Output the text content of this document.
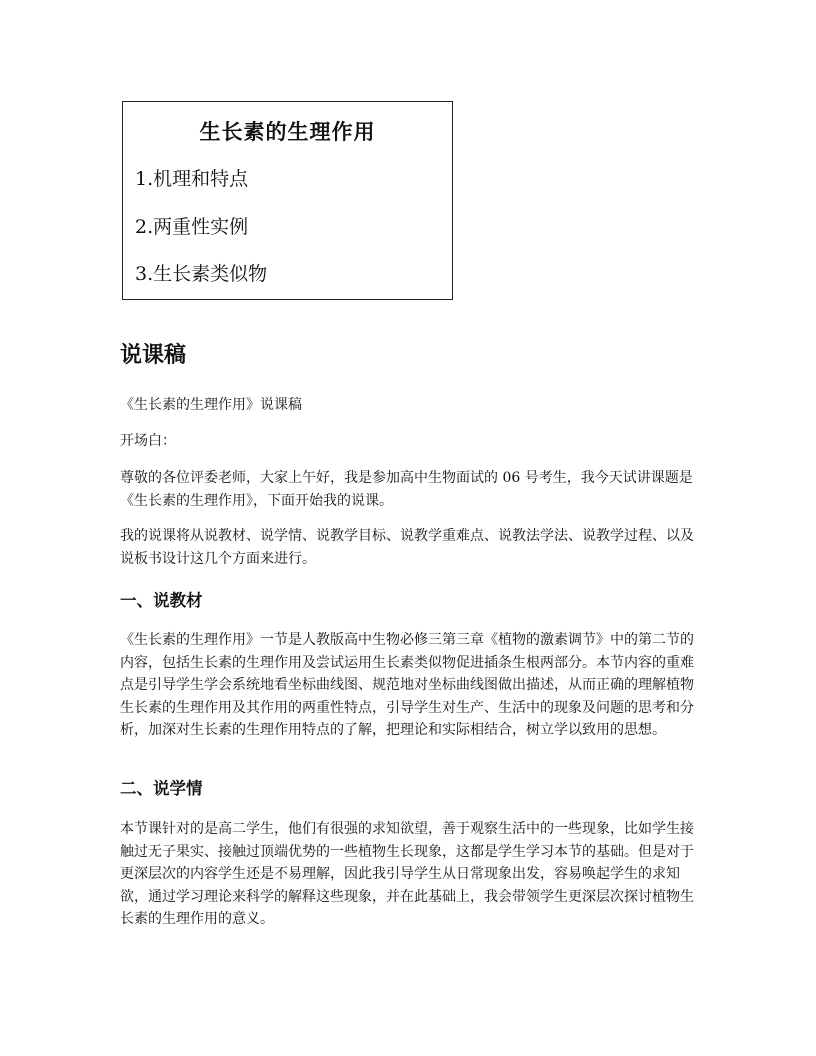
生长素的生理作用
1.机理和特点
2.两重性实例
3.生长素类似物
说课稿

《生长素的生理作用》说课稿

开场白：

尊敬的各位评委老师，大家上午好，我是参加高中生物面试的 06 号考生，我今天试讲课题是《生长素的生理作用》，下面开始我的说课。

我的说课将从说教材、说学情、说教学目标、说教学重难点、说教法学法、说教学过程、以及说板书设计这几个方面来进行。

一、说教材

《生长素的生理作用》一节是人教版高中生物必修三第三章《植物的激素调节》中的第二节的内容，包括生长素的生理作用及尝试运用生长素类似物促进插条生根两部分。本节内容的重难点是引导学生学会系统地看坐标曲线图、规范地对坐标曲线图做出描述，从而正确的理解植物生长素的生理作用及其作用的两重性特点，引导学生对生产、生活中的现象及问题的思考和分析，加深对生长素的生理作用特点的了解，把理论和实际相结合，树立学以致用的思想。

二、说学情

本节课针对的是高二学生，他们有很强的求知欲望，善于观察生活中的一些现象，比如学生接触过无子果实、接触过顶端优势的一些植物生长现象，这都是学生学习本节的基础。但是对于更深层次的内容学生还是不易理解，因此我引导学生从日常现象出发，容易唤起学生的求知欲，通过学习理论来科学的解释这些现象，并在此基础上，我会带领学生更深层次探讨植物生长素的生理作用的意义。
